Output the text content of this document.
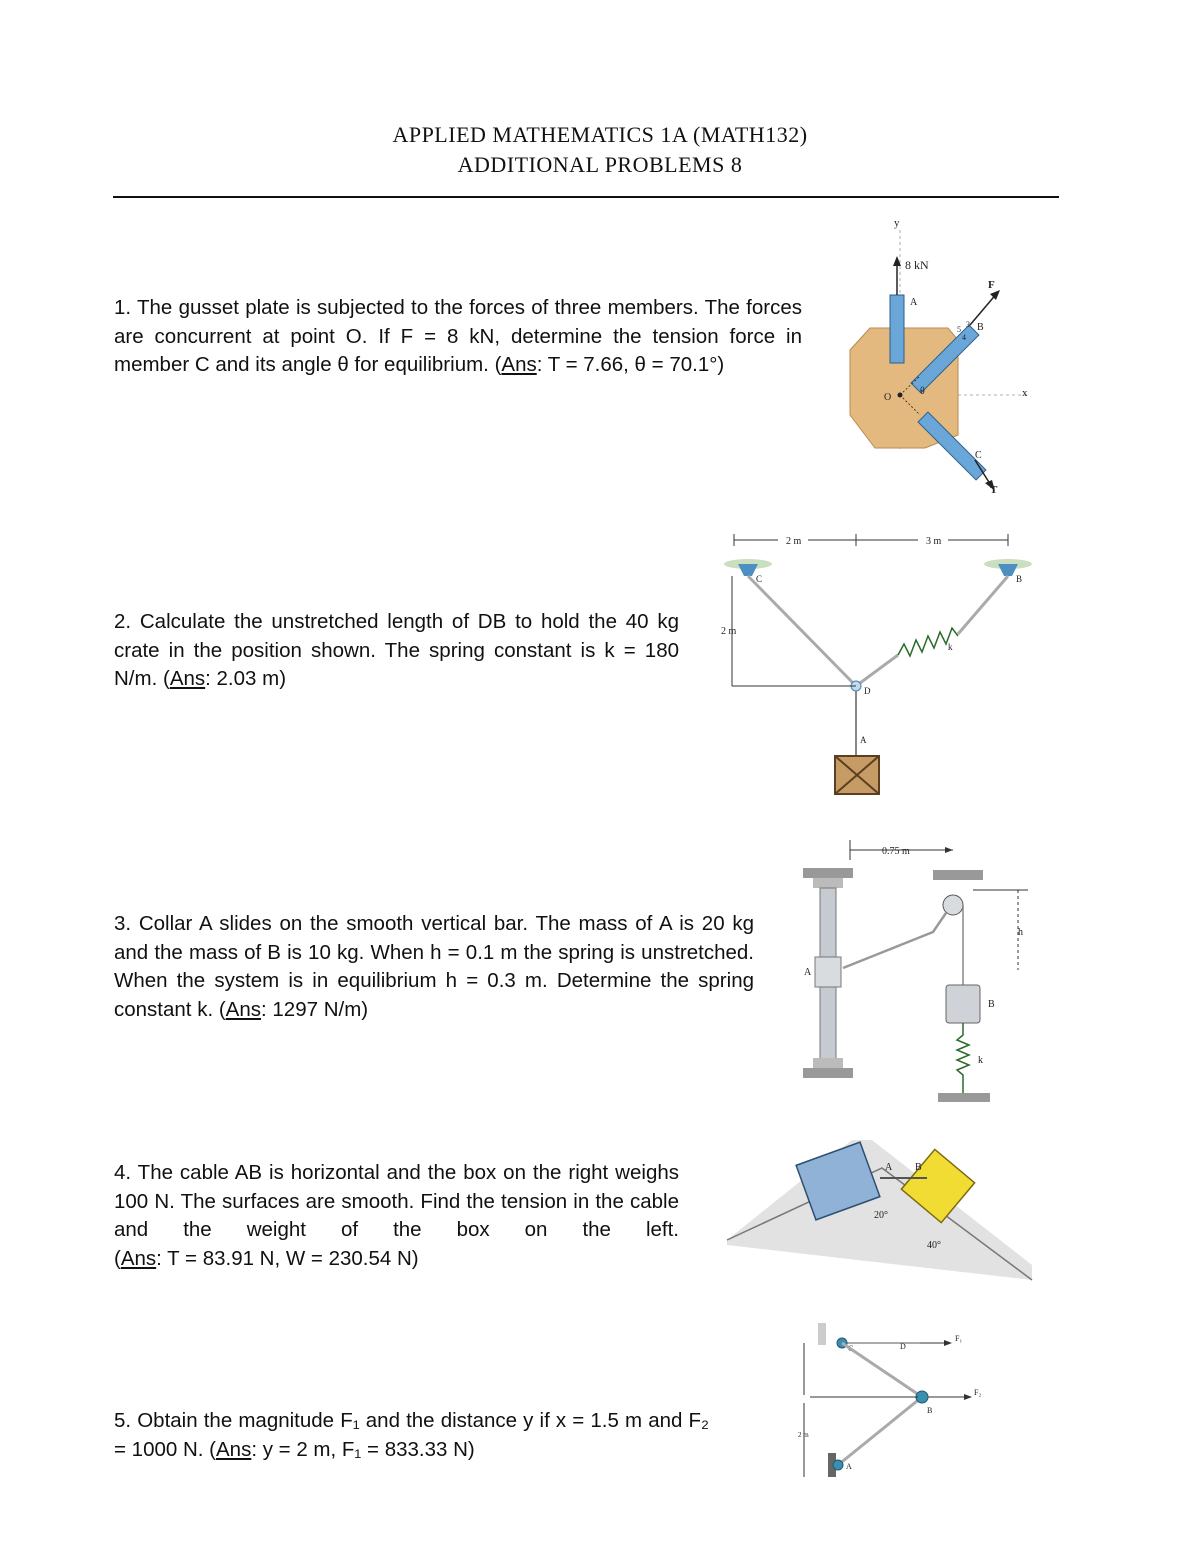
APPLIED MATHEMATICS 1A (MATH132)
ADDITIONAL PROBLEMS 8
1. The gusset plate is subjected to the forces of three members. The forces are concurrent at point O. If F = 8 kN, determine the tension force in member C and its angle θ for equilibrium. (Ans: T = 7.66, θ = 70.1°)
2. Calculate the unstretched length of DB to hold the 40 kg crate in the position shown. The spring constant is k = 180 N/m. (Ans: 2.03 m)
3. Collar A slides on the smooth vertical bar. The mass of A is 20 kg and the mass of B is 10 kg. When h = 0.1 m the spring is unstretched. When the system is in equilibrium h = 0.3 m. Determine the spring constant k. (Ans: 1297 N/m)
4. The cable AB is horizontal and the box on the right weighs 100 N. The surfaces are smooth. Find the tension in the cable and the weight of the box on the left. (Ans: T = 83.91 N, W = 230.54 N)
5. Obtain the magnitude F₁ and the distance y if x = 1.5 m and F₂ = 1000 N. (Ans: y = 2 m, F₁ = 833.33 N)
y
8 kN
A
F
B
x
O
θ
C
T
5
3
4
2 m	3 m
2 m
C	B
k
D
A
0.75 m
A
h
B
k
A B
20°
40°
F₁
D
B
F₂
2 m
A
